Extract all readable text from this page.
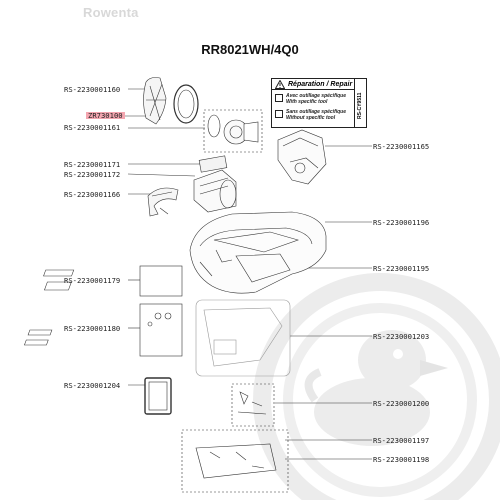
Rowenta
RR8021WH/4Q0
Réparation / Repair
Avec outillage spécifique
With specific tool
Sans outillage spécifique
Without specific tool	RS-CY9511
RS-2230001160
ZR730100
RS-2230001161
RS-2230001171
RS-2230001172
RS-2230001166
RS-2230001179
RS-2230001180
RS-2230001204
RS-2230001165
RS-2230001196
RS-2230001195
RS-2230001203
RS-2230001200
RS-2230001197
RS-2230001198
